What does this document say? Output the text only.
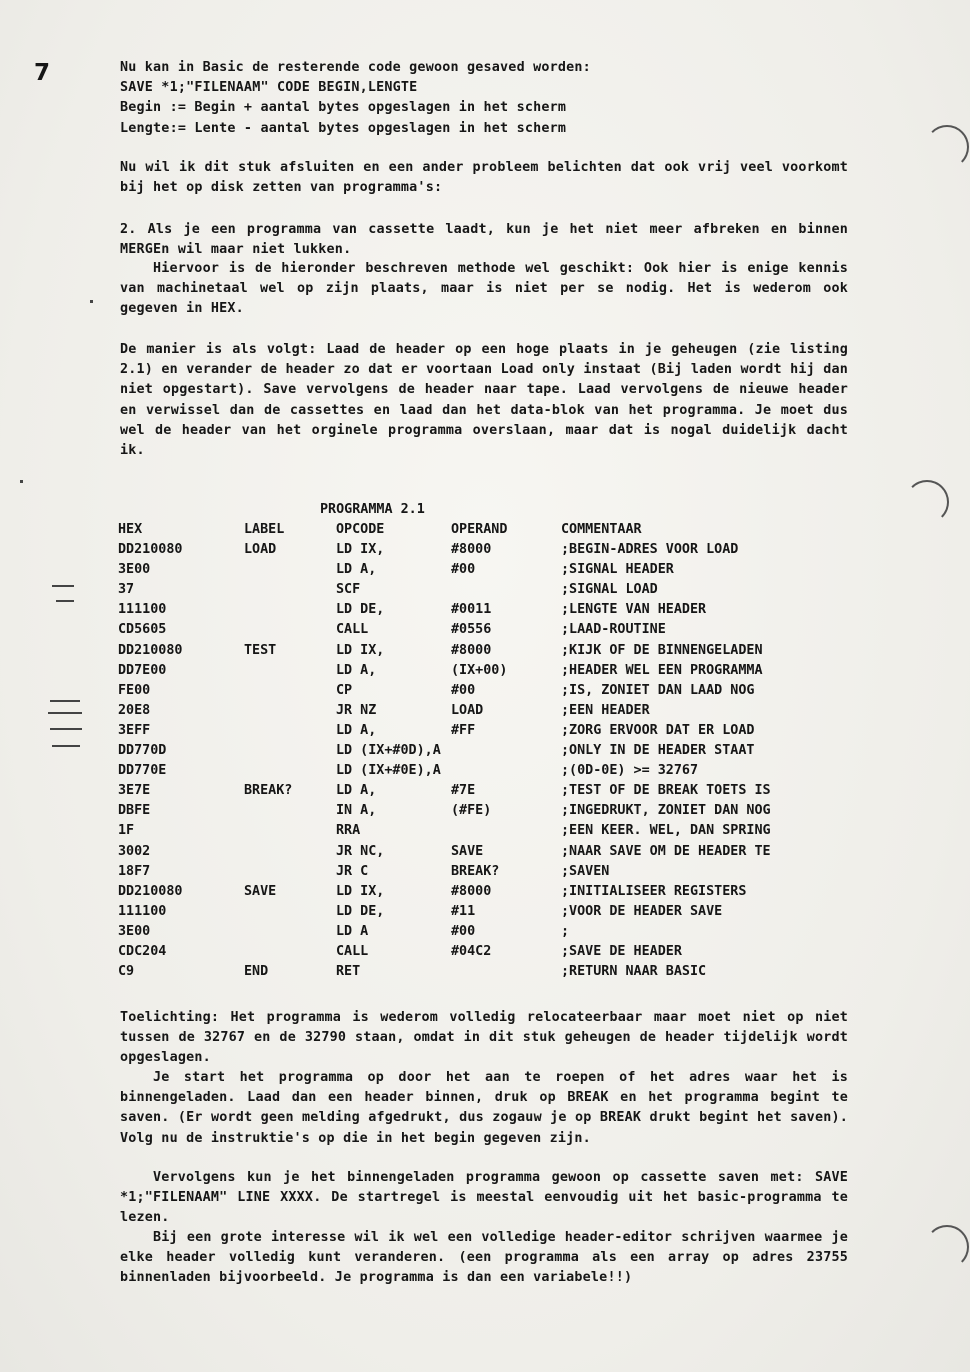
7	Nu kan in Basic de resterende code gewoon gesaved worden:
SAVE *1;"FILENAAM" CODE BEGIN,LENGTE
Begin := Begin + aantal bytes opgeslagen in het scherm
Lengte:= Lente - aantal bytes opgeslagen in het scherm
Nu wil ik dit stuk afsluiten en een ander probleem belichten dat ook vrij veel voorkomt bij het op disk zetten van programma's:
2. Als je een programma van cassette laadt, kun je het niet meer afbreken en binnen MERGEn wil maar niet lukken.
Hiervoor is de hieronder beschreven methode wel geschikt: Ook hier is enige kennis van machinetaal wel op zijn plaats, maar is niet per se nodig. Het is wederom ook gegeven in HEX.
De manier is als volgt: Laad de header op een hoge plaats in je geheugen (zie listing 2.1) en verander de header zo dat er voortaan Load only instaat (Bij laden wordt hij dan niet opgestart). Save vervolgens de header naar tape. Laad vervolgens de nieuwe header en verwissel dan de cassettes en laad dan het data-blok van het programma. Je moet dus wel de header van het orginele programma overslaan, maar dat is nogal duidelijk dacht ik.
PROGRAMMA 2.1
HEX	LABEL	OPCODE	OPERAND	COMMENTAAR
DD210080	LOAD	LD IX,	#8000	;BEGIN-ADRES VOOR LOAD
3E00		LD A,	#00	;SIGNAL HEADER
37		SCF		;SIGNAL LOAD
111100		LD DE,	#0011	;LENGTE VAN HEADER
CD5605		CALL	#0556	;LAAD-ROUTINE
DD210080	TEST	LD IX,	#8000	;KIJK OF DE BINNENGELADEN
DD7E00		LD A,	(IX+00)	;HEADER WEL EEN PROGRAMMA
FE00		CP	#00	;IS, ZONIET DAN LAAD NOG
20E8		JR NZ	LOAD	;EEN HEADER
3EFF		LD A,	#FF	;ZORG ERVOOR DAT ER LOAD
DD770D		LD (IX+#0D),A		;ONLY IN DE HEADER STAAT
DD770E		LD (IX+#0E),A		;(0D-0E) >= 32767
3E7E	BREAK?	LD A,	#7E	;TEST OF DE BREAK TOETS IS
DBFE		IN A,	(#FE)	;INGEDRUKT, ZONIET DAN NOG
1F		RRA		;EEN KEER. WEL, DAN SPRING
3002		JR NC,	SAVE	;NAAR SAVE OM DE HEADER TE
18F7		JR C	BREAK?	;SAVEN
DD210080	SAVE	LD IX,	#8000	;INITIALISEER REGISTERS
111100		LD DE,	#11	;VOOR DE HEADER SAVE
3E00		LD A	#00	;
CDC204		CALL	#04C2	;SAVE DE HEADER
C9	END	RET		;RETURN NAAR BASIC
Toelichting: Het programma is wederom volledig relocateerbaar maar moet niet op niet tussen de 32767 en de 32790 staan, omdat in dit stuk geheugen de header tijdelijk wordt opgeslagen.
Je start het programma op door het aan te roepen of het adres waar het is binnengeladen. Laad dan een header binnen, druk op BREAK en het programma begint te saven. (Er wordt geen melding afgedrukt, dus zogauw je op BREAK drukt begint het saven). Volg nu de instruktie's op die in het begin gegeven zijn.
Vervolgens kun je het binnengeladen programma gewoon op cassette saven met: SAVE *1;"FILENAAM" LINE XXXX. De startregel is meestal eenvoudig uit het basic-programma te lezen.
Bij een grote interesse wil ik wel een volledige header-editor schrijven waarmee je elke header volledig kunt veranderen. (een programma als een array op adres 23755 binnenladen bijvoorbeeld. Je programma is dan een variabele!!)
